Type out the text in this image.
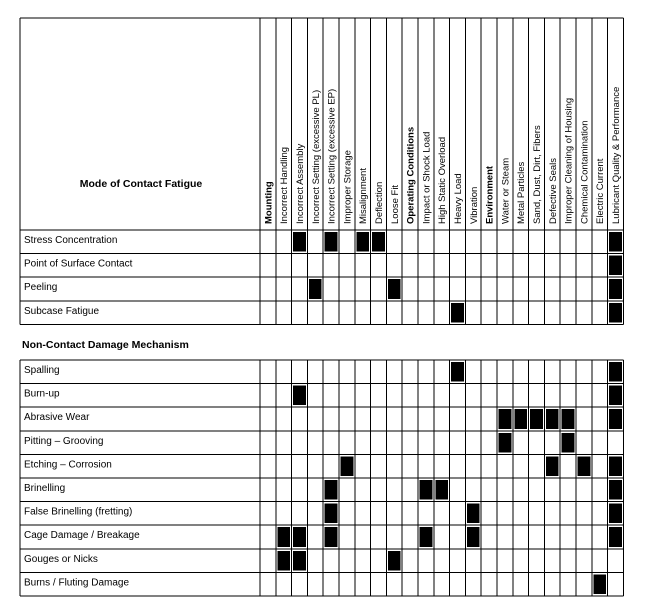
Mode of Contact Fatigue
Non-Contact Damage Mechanism
Stress Concentration
Point of Surface Contact
Peeling
Subcase Fatigue
Spalling
Burn-up
Abrasive Wear
Pitting – Grooving
Etching – Corrosion
Brinelling
False Brinelling (fretting)
Cage Damage / Breakage
Gouges or Nicks
Burns / Fluting Damage
Mounting Incorrect Handling Incorrect Assembly Incorrect Setting (excessive PL) Incorrect Setting (excessive EP) Improper Storage Misalignment Deflection Loose Fit Operating Conditions Impact or Shock Load High Static Overload Heavy Load Vibration Environment Water or Steam Metal Particles Sand, Dust, Dirt, Fibers Defective Seals Improper Cleaning of Housing Chemical Contamination Electric Current Lubricant Quality & Performance
